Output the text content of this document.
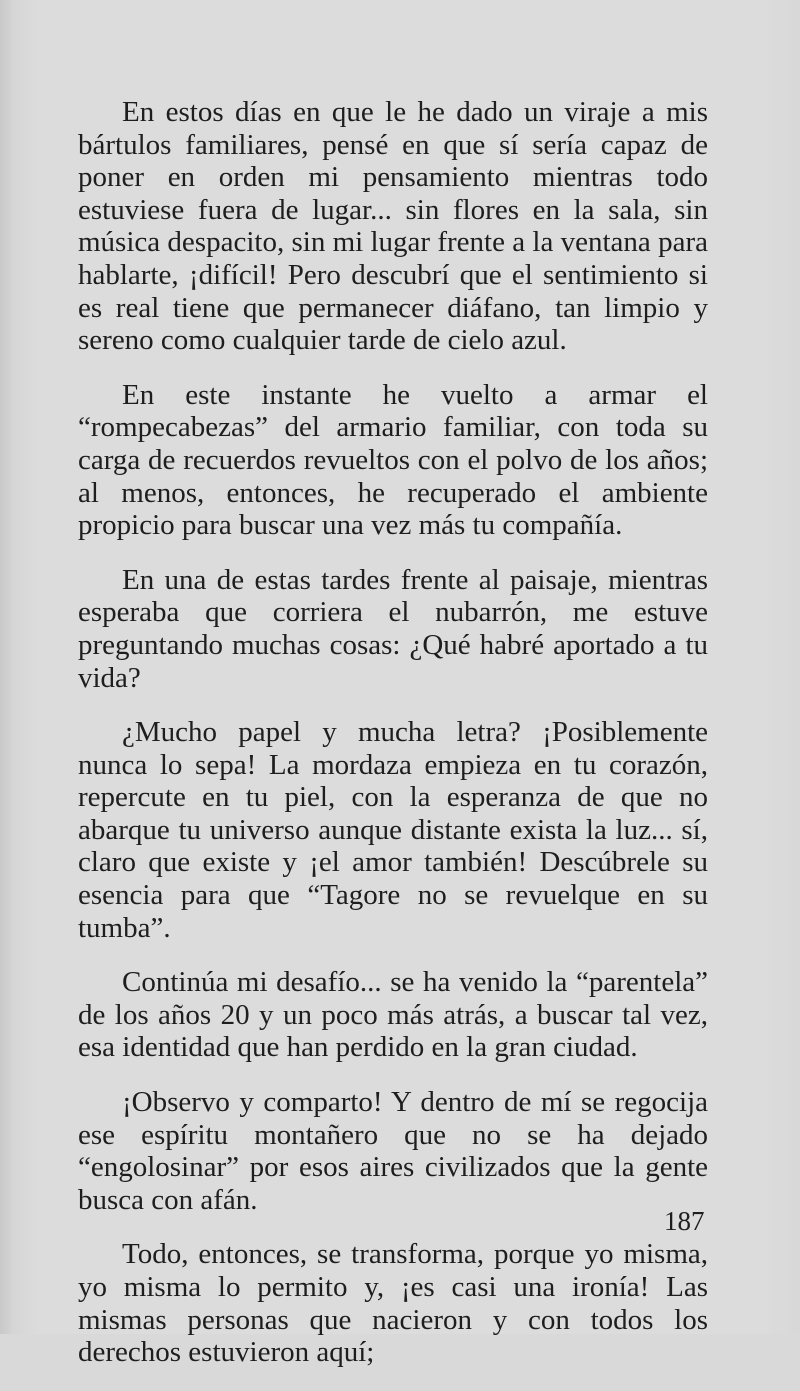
En estos días en que le he dado un viraje a mis bártulos familiares, pensé en que sí sería capaz de poner en orden mi pensamiento mientras todo estuviese fuera de lugar... sin flores en la sala, sin música despacito, sin mi lugar frente a la ventana para hablarte, ¡difícil! Pero descubrí que el sentimiento si es real tiene que permanecer diáfano, tan limpio y sereno como cualquier tarde de cielo azul.

En este instante he vuelto a armar el “rompecabezas” del armario familiar, con toda su carga de recuerdos revueltos con el polvo de los años; al menos, entonces, he recuperado el ambiente propicio para buscar una vez más tu compañía.

En una de estas tardes frente al paisaje, mientras esperaba que corriera el nubarrón, me estuve preguntando muchas cosas: ¿Qué habré aportado a tu vida?

¿Mucho papel y mucha letra? ¡Posiblemente nunca lo sepa! La mordaza empieza en tu corazón, repercute en tu piel, con la esperanza de que no abarque tu universo aunque distante exista la luz... sí, claro que existe y ¡el amor también! Descúbrele su esencia para que “Tagore no se revuelque en su tumba”.

Continúa mi desafío... se ha venido la “parentela” de los años 20 y un poco más atrás, a buscar tal vez, esa identidad que han perdido en la gran ciudad.

¡Observo y comparto! Y dentro de mí se regocija ese espíritu montañero que no se ha dejado “engolosinar” por esos aires civilizados que la gente busca con afán.

Todo, entonces, se transforma, porque yo misma, yo misma lo permito y, ¡es casi una ironía! Las mismas personas que nacieron y con todos los derechos estuvieron aquí;

187
